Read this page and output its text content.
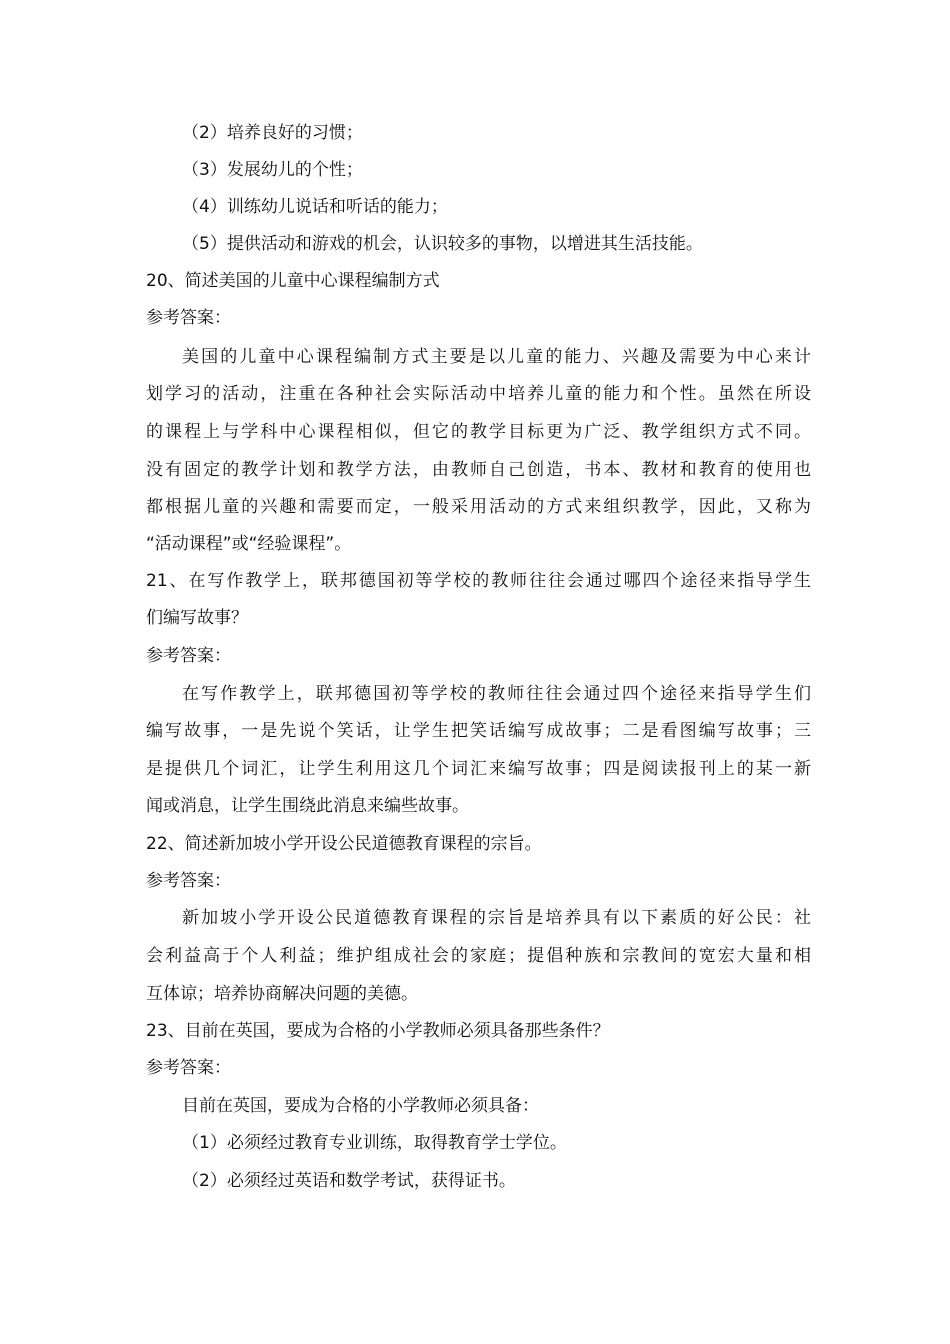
（2）培养良好的习惯；
（3）发展幼儿的个性；
（4）训练幼儿说话和听话的能力；
（5）提供活动和游戏的机会，认识较多的事物，以增进其生活技能。
20、简述美国的儿童中心课程编制方式
参考答案：
美国的儿童中心课程编制方式主要是以儿童的能力、兴趣及需要为中心来计
划学习的活动，注重在各种社会实际活动中培养儿童的能力和个性。虽然在所设
的课程上与学科中心课程相似，但它的教学目标更为广泛、教学组织方式不同。
没有固定的教学计划和教学方法，由教师自己创造，书本、教材和教育的使用也
都根据儿童的兴趣和需要而定，一般采用活动的方式来组织教学，因此，又称为
“活动课程”或“经验课程”。
21、在写作教学上，联邦德国初等学校的教师往往会通过哪四个途径来指导学生
们编写故事？
参考答案：
在写作教学上，联邦德国初等学校的教师往往会通过四个途径来指导学生们
编写故事，一是先说个笑话，让学生把笑话编写成故事；二是看图编写故事；三
是提供几个词汇，让学生利用这几个词汇来编写故事；四是阅读报刊上的某一新
闻或消息，让学生围绕此消息来编些故事。
22、简述新加坡小学开设公民道德教育课程的宗旨。
参考答案：
新加坡小学开设公民道德教育课程的宗旨是培养具有以下素质的好公民：社
会利益高于个人利益；维护组成社会的家庭；提倡种族和宗教间的宽宏大量和相
互体谅；培养协商解决问题的美德。
23、目前在英国，要成为合格的小学教师必须具备那些条件？
参考答案：
目前在英国，要成为合格的小学教师必须具备：
（1）必须经过教育专业训练，取得教育学士学位。
（2）必须经过英语和数学考试，获得证书。
